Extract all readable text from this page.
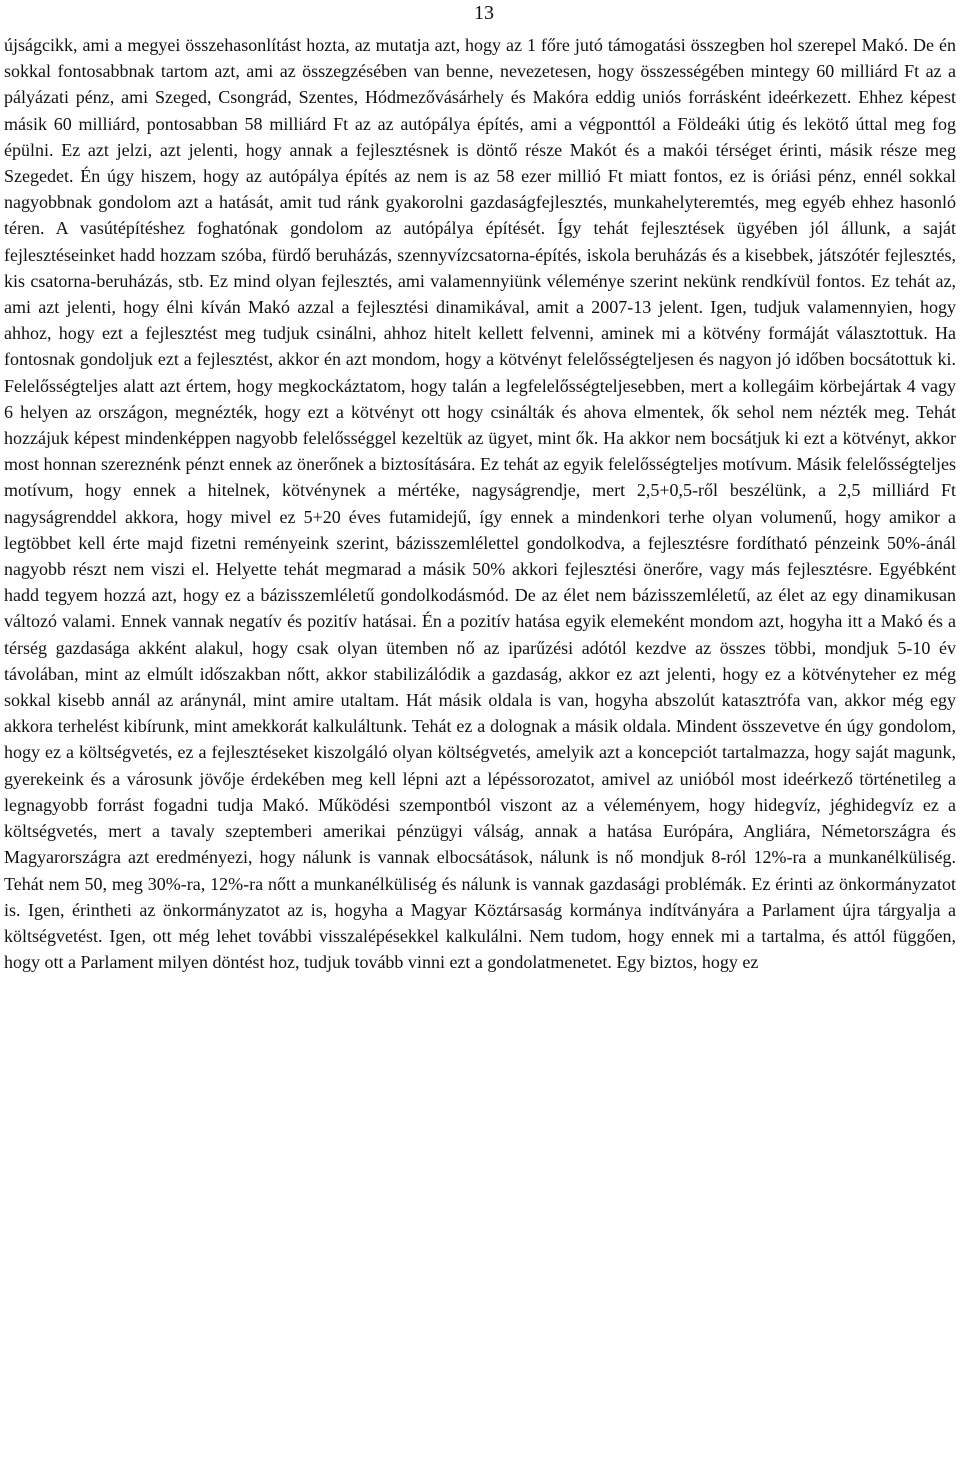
13

újságcikk, ami a megyei összehasonlítást hozta, az mutatja azt, hogy az 1 főre jutó támogatási összegben hol szerepel Makó. De én sokkal fontosabbnak tartom azt, ami az összegzésében van benne, nevezetesen, hogy összességében mintegy 60 milliárd Ft az a pályázati pénz, ami Szeged, Csongrád, Szentes, Hódmezővásárhely és Makóra eddig uniós forrásként ideérkezett. Ehhez képest másik 60 milliárd, pontosabban 58 milliárd Ft az az autópálya építés, ami a végponttól a Földeáki útig és lekötő úttal meg fog épülni. Ez azt jelzi, azt jelenti, hogy annak a fejlesztésnek is döntő része Makót és a makói térséget érinti, másik része meg Szegedet. Én úgy hiszem, hogy az autópálya építés az nem is az 58 ezer millió Ft miatt fontos, ez is óriási pénz, ennél sokkal nagyobbnak gondolom azt a hatását, amit tud ránk gyakorolni gazdaságfejlesztés, munkahelyteremtés, meg egyéb ehhez hasonló téren. A vasútépítéshez foghatónak gondolom az autópálya építését. Így tehát fejlesztések ügyében jól állunk, a saját fejlesztéseinket hadd hozzam szóba, fürdő beruházás, szennyvízcsatorna-építés, iskola beruházás és a kisebbek, játszótér fejlesztés, kis csatorna-beruházás, stb. Ez mind olyan fejlesztés, ami valamennyiünk véleménye szerint nekünk rendkívül fontos. Ez tehát az, ami azt jelenti, hogy élni kíván Makó azzal a fejlesztési dinamikával, amit a 2007-13 jelent. Igen, tudjuk valamennyien, hogy ahhoz, hogy ezt a fejlesztést meg tudjuk csinálni, ahhoz hitelt kellett felvenni, aminek mi a kötvény formáját választottuk. Ha fontosnak gondoljuk ezt a fejlesztést, akkor én azt mondom, hogy a kötvényt felelősségteljesen és nagyon jó időben bocsátottuk ki. Felelősségteljes alatt azt értem, hogy megkockáztatom, hogy talán a legfelelősségteljesebben, mert a kollegáim körbejártak 4 vagy 6 helyen az országon, megnézték, hogy ezt a kötvényt ott hogy csinálták és ahova elmentek, ők sehol nem nézték meg. Tehát hozzájuk képest mindenképpen nagyobb felelősséggel kezeltük az ügyet, mint ők. Ha akkor nem bocsátjuk ki ezt a kötvényt, akkor most honnan szereznénk pénzt ennek az önerőnek a biztosítására. Ez tehát az egyik felelősségteljes motívum. Másik felelősségteljes motívum, hogy ennek a hitelnek, kötvénynek a mértéke, nagyságrendje, mert 2,5+0,5-ről beszélünk, a 2,5 milliárd Ft nagyságrenddel akkora, hogy mivel ez 5+20 éves futamidejű, így ennek a mindenkori terhe olyan volumenű, hogy amikor a legtöbbet kell érte majd fizetni reményeink szerint, bázisszemlélettel gondolkodva, a fejlesztésre fordítható pénzeink 50%-ánál nagyobb részt nem viszi el. Helyette tehát megmarad a másik 50% akkori fejlesztési önerőre, vagy más fejlesztésre. Egyébként hadd tegyem hozzá azt, hogy ez a bázisszemléletű gondolkodásmód. De az élet nem bázisszemléletű, az élet az egy dinamikusan változó valami. Ennek vannak negatív és pozitív hatásai. Én a pozitív hatása egyik elemeként mondom azt, hogyha itt a Makó és a térség gazdasága akként alakul, hogy csak olyan ütemben nő az iparűzési adótól kezdve az összes többi, mondjuk 5-10 év távolában, mint az elmúlt időszakban nőtt, akkor stabilizálódik a gazdaság, akkor ez azt jelenti, hogy ez a kötvényteher ez még sokkal kisebb annál az aránynál, mint amire utaltam. Hát másik oldala is van, hogyha abszolút katasztrófa van, akkor még egy akkora terhelést kibírunk, mint amekkorát kalkuláltunk. Tehát ez a dolognak a másik oldala. Mindent összevetve én úgy gondolom, hogy ez a költségvetés, ez a fejlesztéseket kiszolgáló olyan költségvetés, amelyik azt a koncepciót tartalmazza, hogy saját magunk, gyerekeink és a városunk jövője érdekében meg kell lépni azt a lépéssorozatot, amivel az unióból most ideérkező történetileg a legnagyobb forrást fogadni tudja Makó. Működési szempontból viszont az a véleményem, hogy hidegvíz, jéghidegvíz ez a költségvetés, mert a tavaly szeptemberi amerikai pénzügyi válság, annak a hatása Európára, Angliára, Németországra és Magyarországra azt eredményezi, hogy nálunk is vannak elbocsátások, nálunk is nő mondjuk 8-ról 12%-ra a munkanélküliség. Tehát nem 50, meg 30%-ra, 12%-ra nőtt a munkanélküliség és nálunk is vannak gazdasági problémák. Ez érinti az önkormányzatot is. Igen, érintheti az önkormányzatot az is, hogyha a Magyar Köztársaság kormánya indítványára a Parlament újra tárgyalja a költségvetést. Igen, ott még lehet további visszalépésekkel kalkulálni. Nem tudom, hogy ennek mi a tartalma, és attól függően, hogy ott a Parlament milyen döntést hoz, tudjuk tovább vinni ezt a gondolatmenetet. Egy biztos, hogy ez
